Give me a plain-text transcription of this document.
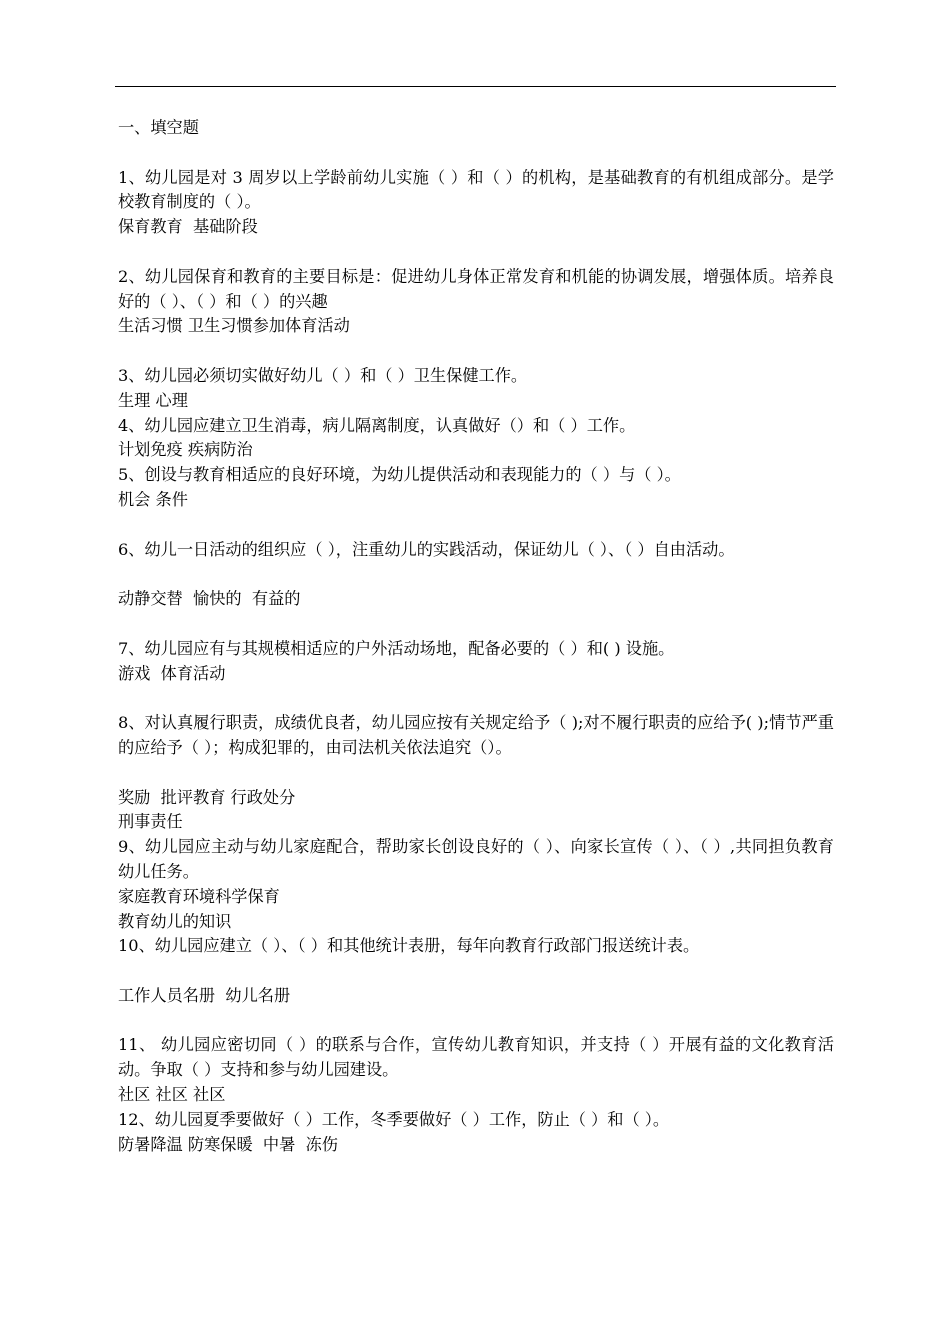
一、填空题
1、幼儿园是对 3 周岁以上学龄前幼儿实施（ ）和（ ）的机构，是基础教育的有机组成部分。是学校教育制度的（ ）。
保育教育  基础阶段
2、幼儿园保育和教育的主要目标是：促进幼儿身体正常发育和机能的协调发展，增强体质。培养良好的（ ）、（ ）和（ ）的兴趣
生活习惯 卫生习惯参加体育活动
3、幼儿园必须切实做好幼儿（ ）和（ ）卫生保健工作。
生理 心理
4、幼儿园应建立卫生消毒，病儿隔离制度，认真做好（）和（ ）工作。
计划免疫 疾病防治
5、创设与教育相适应的良好环境，为幼儿提供活动和表现能力的（ ）与（ ）。
机会 条件
6、幼儿一日活动的组织应（ ），注重幼儿的实践活动，保证幼儿（ ）、（ ）自由活动。
动静交替  愉快的  有益的
7、幼儿园应有与其规模相适应的户外活动场地，配备必要的（ ）和( ) 设施。
游戏  体育活动
8、对认真履行职责，成绩优良者，幼儿园应按有关规定给予（ );对不履行职责的应给予( );情节严重的应给予（ ）；构成犯罪的，由司法机关依法追究（）。
奖励  批评教育 行政处分
刑事责任
9、幼儿园应主动与幼儿家庭配合，帮助家长创设良好的（ ）、向家长宣传（ ）、（ ）,共同担负教育幼儿任务。
家庭教育环境科学保育
教育幼儿的知识
10、幼儿园应建立（ ）、（ ）和其他统计表册，每年向教育行政部门报送统计表。
工作人员名册  幼儿名册
11、 幼儿园应密切同（ ）的联系与合作，宣传幼儿教育知识，并支持（ ）开展有益的文化教育活动。争取（ ）支持和参与幼儿园建设。
社区 社区 社区
12、幼儿园夏季要做好（ ）工作，冬季要做好（ ）工作，防止（ ）和（ ）。
防暑降温 防寒保暖  中暑  冻伤
